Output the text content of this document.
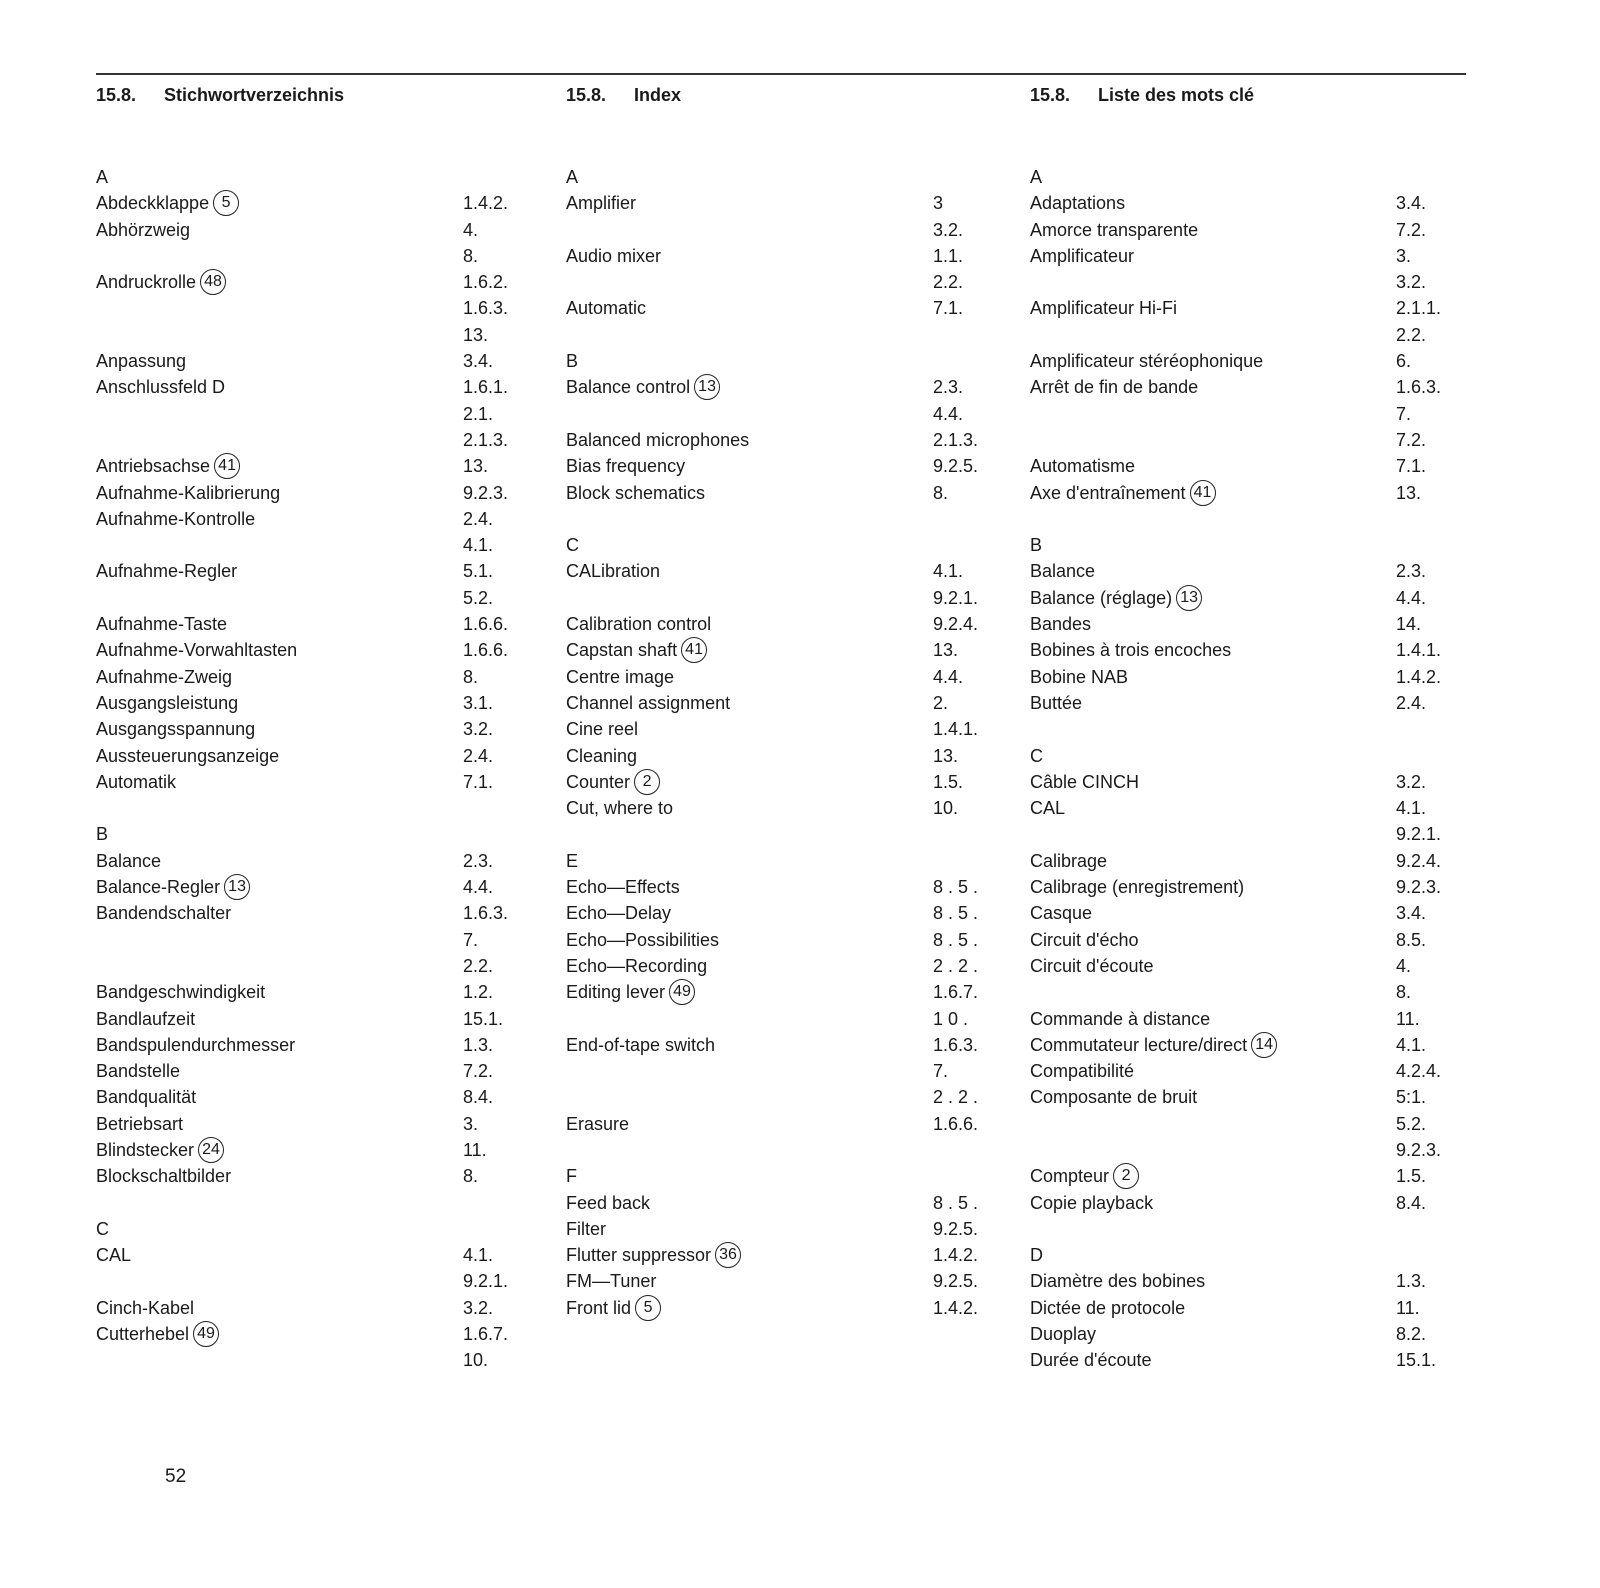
15.8. Stichwortverzeichnis
A
Abdeckklappe 5	1.4.2.
Abhörzweig	4.
8.
Andruckrolle 48	1.6.2.
1.6.3.
13.
Anpassung	3.4.
Anschlussfeld D	1.6.1.
2.1.
2.1.3.
Antriebsachse 41	13.
Aufnahme-Kalibrierung	9.2.3.
Aufnahme-Kontrolle	2.4.
4.1.
Aufnahme-Regler	5.1.
5.2.
Aufnahme-Taste	1.6.6.
Aufnahme-Vorwahltasten	1.6.6.
Aufnahme-Zweig	8.
Ausgangsleistung	3.1.
Ausgangsspannung	3.2.
Aussteuerungsanzeige	2.4.
Automatik	7.1.
B
Balance	2.3.
Balance-Regler 13	4.4.
Bandendschalter	1.6.3.
7.
2.2.
Bandgeschwindigkeit	1.2.
Bandlaufzeit	15.1.
Bandspulendurchmesser	1.3.
Bandstelle	7.2.
Bandqualität	8.4.
Betriebsart	3.
Blindstecker 24	11.
Blockschaltbilder	8.
C
CAL	4.1.
9.2.1.
Cinch-Kabel	3.2.
Cutterhebel 49	1.6.7.
10.
15.8. Index
A
Amplifier	3
3.2.
Audio mixer	1.1.
2.2.
Automatic	7.1.
B
Balance control 13	2.3.
4.4.
Balanced microphones	2.1.3.
Bias frequency	9.2.5.
Block schematics	8.
C
CALibration	4.1.
9.2.1.
Calibration control	9.2.4.
Capstan shaft 41	13.
Centre image	4.4.
Channel assignment	2.
Cine reel	1.4.1.
Cleaning	13.
Counter 2	1.5.
Cut, where to	10.
E
Echo—Effects	8 . 5 .
Echo—Delay	8 . 5 .
Echo—Possibilities	8 . 5 .
Echo—Recording	2 . 2 .
Editing lever 49	1.6.7.
1 0 .
End-of-tape switch	1.6.3.
7.
2 . 2 .
Erasure	1.6.6.
F
Feed back	8 . 5 .
Filter	9.2.5.
Flutter suppressor 36	1.4.2.
FM—Tuner	9.2.5.
Front lid 5	1.4.2.
15.8. Liste des mots clé
A
Adaptations	3.4.
Amorce transparente	7.2.
Amplificateur	3.
3.2.
Amplificateur Hi-Fi	2.1.1.
2.2.
Amplificateur stéréophonique	6.
Arrêt de fin de bande	1.6.3.
7.
7.2.
Automatisme	7.1.
Axe d'entraînement 41	13.
B
Balance	2.3.
Balance (réglage) 13	4.4.
Bandes	14.
Bobines à trois encoches	1.4.1.
Bobine NAB	1.4.2.
Buttée	2.4.
C
Câble CINCH	3.2.
CAL	4.1.
9.2.1.
Calibrage	9.2.4.
Calibrage (enregistrement)	9.2.3.
Casque	3.4.
Circuit d'écho	8.5.
Circuit d'écoute	4.
8.
Commande à distance	11.
Commutateur lecture/direct 14	4.1.
Compatibilité	4.2.4.
Composante de bruit	5:1.
5.2.
9.2.3.
Compteur 2	1.5.
Copie playback	8.4.
D
Diamètre des bobines	1.3.
Dictée de protocole	11.
Duoplay	8.2.
Durée d'écoute	15.1.
52
